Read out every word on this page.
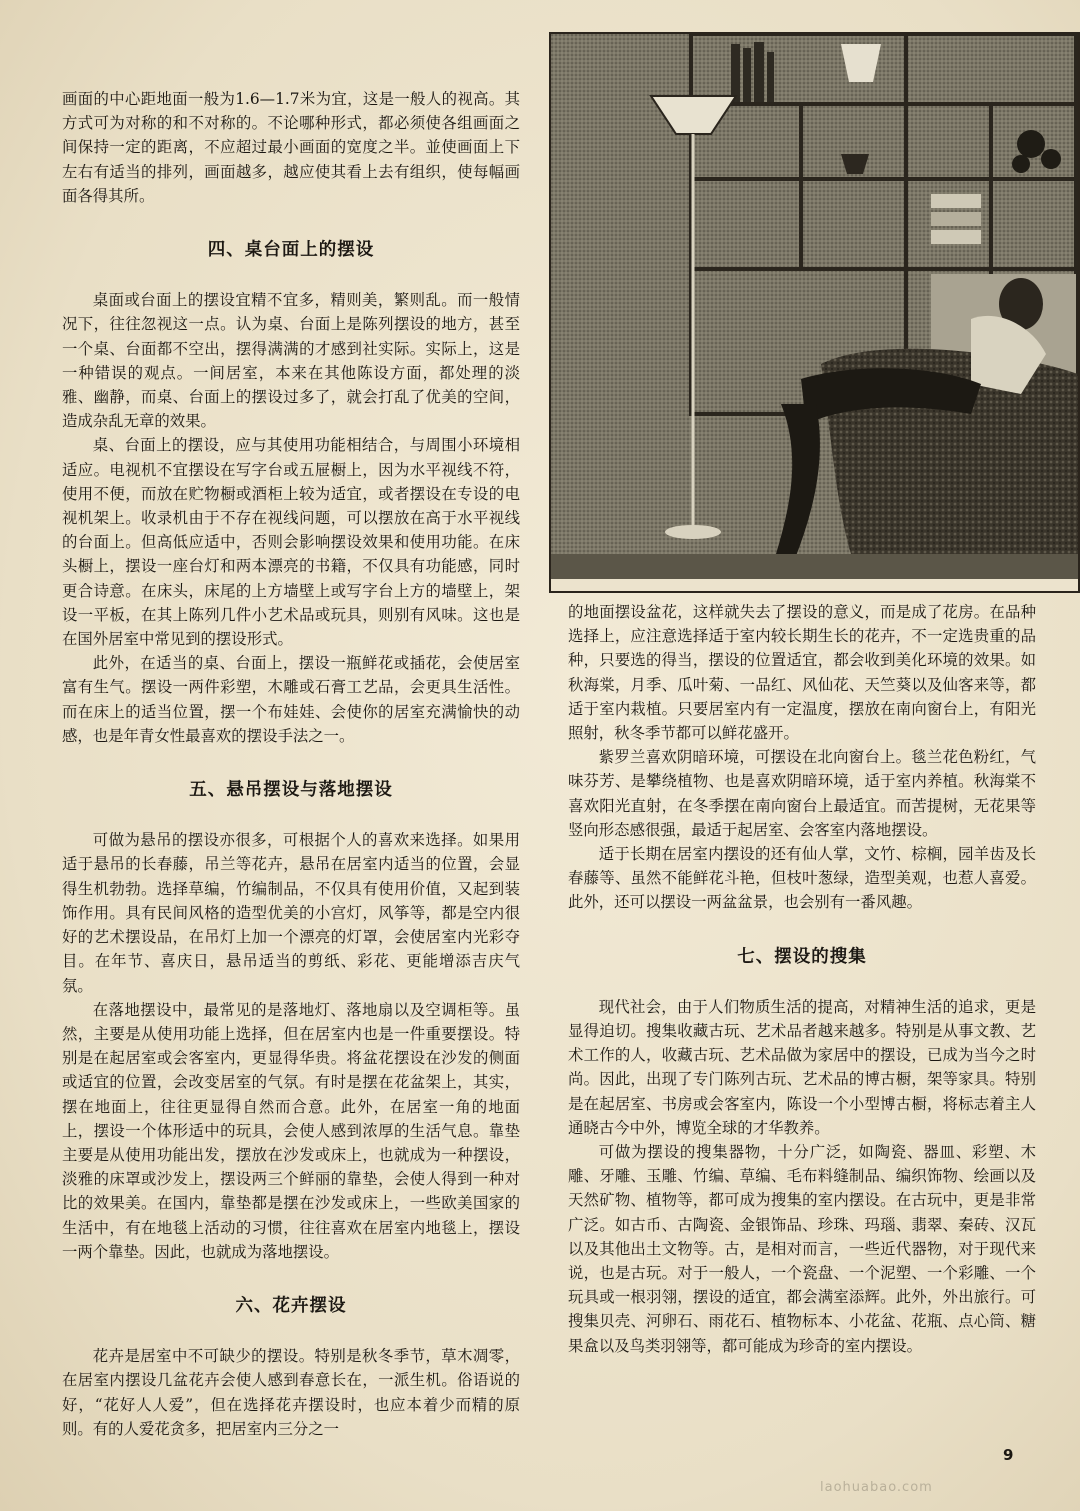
画面的中心距地面一般为1.6—1.7米为宜，这是一般人的视高。其方式可为对称的和不对称的。不论哪种形式，都必须使各组画面之间保持一定的距离，不应超过最小画面的宽度之半。並使画面上下左右有适当的排列，画面越多，越应使其看上去有组织，使每幅画面各得其所。

四、桌台面上的摆设

桌面或台面上的摆设宜精不宜多，精则美，繁则乱。而一般情况下，往往忽视这一点。认为桌、台面上是陈列摆设的地方，甚至一个桌、台面都不空出，摆得满满的才感到社实际。实际上，这是一种错误的观点。一间居室，本来在其他陈设方面，都处理的淡雅、幽静，而桌、台面上的摆设过多了，就会打乱了优美的空间，造成杂乱无章的效果。

桌、台面上的摆设，应与其使用功能相结合，与周围小环境相适应。电视机不宜摆设在写字台或五屉橱上，因为水平视线不符，使用不便，而放在贮物橱或酒柜上较为适宜，或者摆设在专设的电视机架上。收录机由于不存在视线问题，可以摆放在高于水平视线的台面上。但高低应适中，否则会影响摆设效果和使用功能。在床头橱上，摆设一座台灯和两本漂亮的书籍，不仅具有功能感，同时更合诗意。在床头，床尾的上方墙壁上或写字台上方的墙壁上，架设一平板，在其上陈列几件小艺术品或玩具，则别有风味。这也是在国外居室中常见到的摆设形式。

此外，在适当的桌、台面上，摆设一瓶鲜花或插花，会使居室富有生气。摆设一两件彩塑，木雕或石膏工艺品，会更具生活性。而在床上的适当位置，摆一个布娃娃、会使你的居室充满愉快的动感，也是年青女性最喜欢的摆设手法之一。

五、悬吊摆设与落地摆设

可做为悬吊的摆设亦很多，可根据个人的喜欢来选择。如果用适于悬吊的长春藤，吊兰等花卉，悬吊在居室内适当的位置，会显得生机勃勃。选择草编，竹编制品，不仅具有使用价值，又起到装饰作用。具有民间风格的造型优美的小宫灯，风筝等，都是空内很好的艺术摆设品，在吊灯上加一个漂亮的灯罩，会使居室内光彩夺目。在年节、喜庆日，悬吊适当的剪纸、彩花、更能增添吉庆气氛。

在落地摆设中，最常见的是落地灯、落地扇以及空调柜等。虽然，主要是从使用功能上选择，但在居室内也是一件重要摆设。特别是在起居室或会客室内，更显得华贵。将盆花摆设在沙发的侧面或适宜的位置，会改变居室的气氛。有时是摆在花盆架上，其实，摆在地面上，往往更显得自然而合意。此外，在居室一角的地面上，摆设一个体形适中的玩具，会使人感到浓厚的生活气息。靠垫主要是从使用功能出发，摆放在沙发或床上，也就成为一种摆设，淡雅的床罩或沙发上，摆设两三个鲜丽的靠垫，会使人得到一种对比的效果美。在国内，靠垫都是摆在沙发或床上，一些欧美国家的生活中，有在地毯上活动的习惯，往往喜欢在居室内地毯上，摆设一两个靠垫。因此，也就成为落地摆设。

六、花卉摆设

花卉是居室中不可缺少的摆设。特别是秋冬季节，草木凋零，在居室内摆设几盆花卉会使人感到春意长在，一派生机。俗语说的好，“花好人人爱”，但在选择花卉摆设时，也应本着少而精的原则。有的人爱花贪多，把居室内三分之一

的地面摆设盆花，这样就失去了摆设的意义，而是成了花房。在品种选择上，应注意选择适于室内较长期生长的花卉，不一定选贵重的品种，只要选的得当，摆设的位置适宜，都会收到美化环境的效果。如秋海棠，月季、瓜叶菊、一品红、风仙花、天竺葵以及仙客来等，都适于室内栽植。只要居室内有一定温度，摆放在南向窗台上，有阳光照射，秋冬季节都可以鲜花盛开。

紫罗兰喜欢阴暗环境，可摆设在北向窗台上。毯兰花色粉红，气味芬芳、是攀绕植物、也是喜欢阴暗环境，适于室内养植。秋海棠不喜欢阳光直射，在冬季摆在南向窗台上最适宜。而苦提树，无花果等竖向形态感很强，最适于起居室、会客室内落地摆设。

适于长期在居室内摆设的还有仙人掌，文竹、棕榈，园羊齿及长春藤等、虽然不能鲜花斗艳，但枝叶葱绿，造型美观，也惹人喜爱。此外，还可以摆设一两盆盆景，也会别有一番风趣。

七、摆设的搜集

现代社会，由于人们物质生活的提高，对精神生活的追求，更是显得迫切。搜集收藏古玩、艺术品者越来越多。特别是从事文教、艺术工作的人，收藏古玩、艺术品做为家居中的摆设，已成为当今之时尚。因此，出现了专门陈列古玩、艺术品的博古橱，架等家具。特别是在起居室、书房或会客室内，陈设一个小型博古橱，将标志着主人通晓古今中外，博览全球的才华教养。

可做为摆设的搜集器物，十分广泛，如陶瓷、器皿、彩塑、木雕、牙雕、玉雕、竹编、草编、毛布料缝制品、编织饰物、绘画以及天然矿物、植物等，都可成为搜集的室内摆设。在古玩中，更是非常广泛。如古币、古陶瓷、金银饰品、珍珠、玛瑙、翡翠、秦砖、汉瓦以及其他出土文物等。古，是相对而言，一些近代器物，对于现代来说，也是古玩。对于一般人，一个瓷盘、一个泥塑、一个彩雕、一个玩具或一根羽翎，摆设的适宜，都会满室添辉。此外，外出旅行。可搜集贝壳、河卵石、雨花石、植物标本、小花盆、花瓶、点心筒、糖果盒以及鸟类羽翎等，都可能成为珍奇的室内摆设。

9
laohuabao.com
